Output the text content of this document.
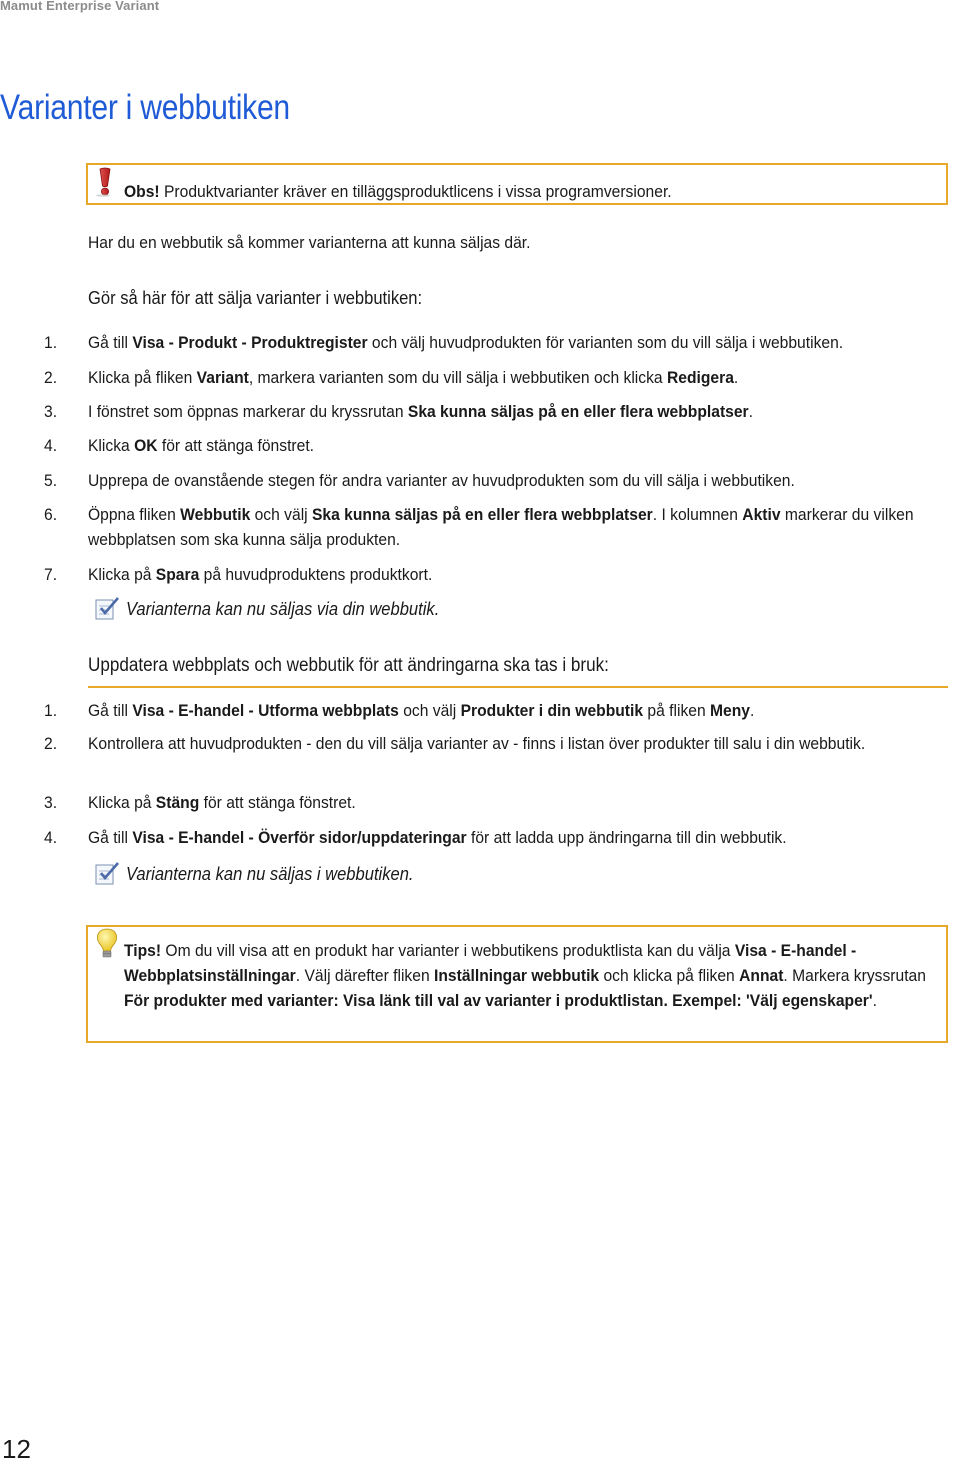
Mamut Enterprise Variant
Varianter i webbutiken
Obs! Produktvarianter kräver en tilläggsproduktlicens i vissa programversioner.
Har du en webbutik så kommer varianterna att kunna säljas där.
Gör så här för att sälja varianter i webbutiken:
1. Gå till Visa - Produkt - Produktregister och välj huvudprodukten för varianten som du vill sälja i webbutiken.
2. Klicka på fliken Variant, markera varianten som du vill sälja i webbutiken och klicka Redigera.
3. I fönstret som öppnas markerar du kryssrutan Ska kunna säljas på en eller flera webbplatser.
4. Klicka OK för att stänga fönstret.
5. Upprepa de ovanstående stegen för andra varianter av huvudprodukten som du vill sälja i webbutiken.
6. Öppna fliken Webbutik och välj Ska kunna säljas på en eller flera webbplatser. I kolumnen Aktiv markerar du vilken webbplatsen som ska kunna sälja produkten.
7. Klicka på Spara på huvudproduktens produktkort.
Varianterna kan nu säljas via din webbutik.
Uppdatera webbplats och webbutik för att ändringarna ska tas i bruk:
1. Gå till Visa - E-handel - Utforma webbplats och välj Produkter i din webbutik på fliken Meny.
2. Kontrollera att huvudprodukten - den du vill sälja varianter av - finns i listan över produkter till salu i din webbutik.
3. Klicka på Stäng för att stänga fönstret.
4. Gå till Visa - E-handel - Överför sidor/uppdateringar för att ladda upp ändringarna till din webbutik.
Varianterna kan nu säljas i webbutiken.
Tips! Om du vill visa att en produkt har varianter i webbutikens produktlista kan du välja Visa - E-handel - Webbplatsinställningar. Välj därefter fliken Inställningar webbutik och klicka på fliken Annat. Markera kryssrutan För produkter med varianter: Visa länk till val av varianter i produktlistan. Exempel: 'Välj egenskaper'.
12
